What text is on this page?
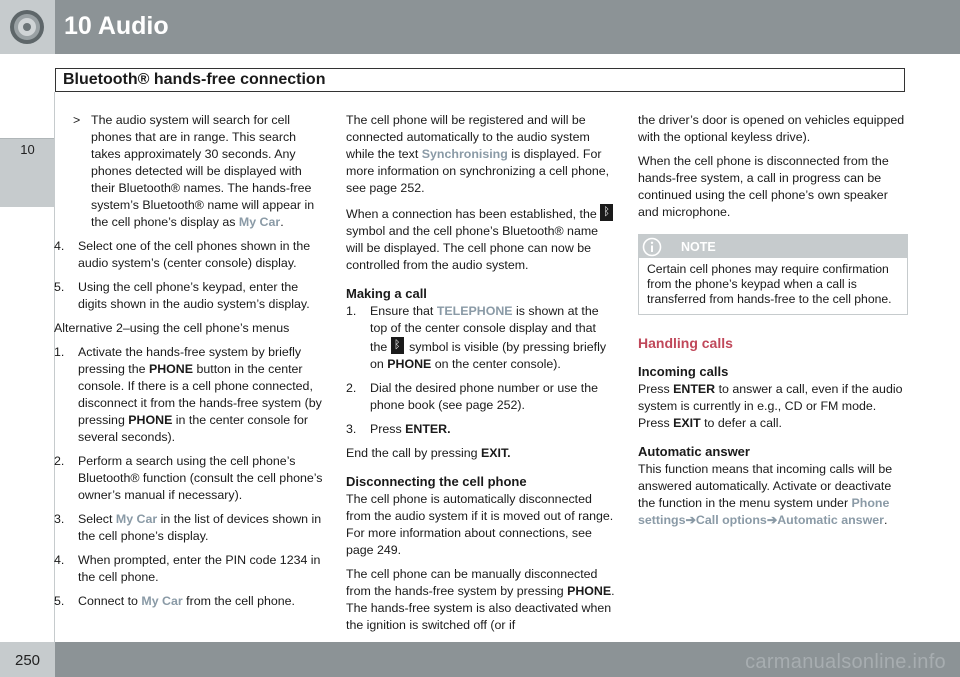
10 Audio
Bluetooth® hands-free connection
10
> The audio system will search for cell phones that are in range. This search takes approximately 30 seconds. Any phones detected will be displayed with their Bluetooth® names. The hands-free system’s Bluetooth® name will appear in the cell phone’s display as My Car.
4. Select one of the cell phones shown in the audio system’s (center console) display.
5. Using the cell phone’s keypad, enter the digits shown in the audio system’s display.

Alternative 2–using the cell phone’s menus

1. Activate the hands-free system by briefly pressing the PHONE button in the center console. If there is a cell phone connected, disconnect it from the hands-free system (by pressing PHONE in the center console for several seconds).
2. Perform a search using the cell phone’s Bluetooth® function (consult the cell phone’s owner’s manual if necessary).
3. Select My Car in the list of devices shown in the cell phone’s display.
4. When prompted, enter the PIN code 1234 in the cell phone.
5. Connect to My Car from the cell phone.

The cell phone will be registered and will be connected automatically to the audio system while the text Synchronising is displayed. For more information on synchronizing a cell phone, see page 252.

When a connection has been established, the ᛒ
symbol and the cell phone’s Bluetooth® name will be displayed. The cell phone can now be controlled from the audio system.

Making a call
1. Ensure that TELEPHONE is shown at the top of the center console display and that the ᛒ symbol is visible (by pressing briefly on PHONE on the center console).
2. Dial the desired phone number or use the phone book (see page 252).
3. Press ENTER.

End the call by pressing EXIT.

Disconnecting the cell phone

The cell phone is automatically disconnected from the audio system if it is moved out of range. For more information about connections, see page 249.

The cell phone can be manually disconnected from the hands-free system by pressing PHONE. The hands-free system is also deactivated when the ignition is switched off (or if

the driver’s door is opened on vehicles equipped with the optional keyless drive).

When the cell phone is disconnected from the hands-free system, a call in progress can be continued using the cell phone’s own speaker and microphone.

NOTE
Certain cell phones may require confirmation from the phone’s keypad when a call is transferred from hands-free to the cell phone.
Handling calls
Incoming calls

Press ENTER to answer a call, even if the audio system is currently in e.g., CD or FM mode. Press EXIT to defer a call.

Automatic answer

This function means that incoming calls will be answered automatically. Activate or deactivate the function in the menu system under Phone settings➔Call options➔Automatic answer.

250	carmanualsonline.info
